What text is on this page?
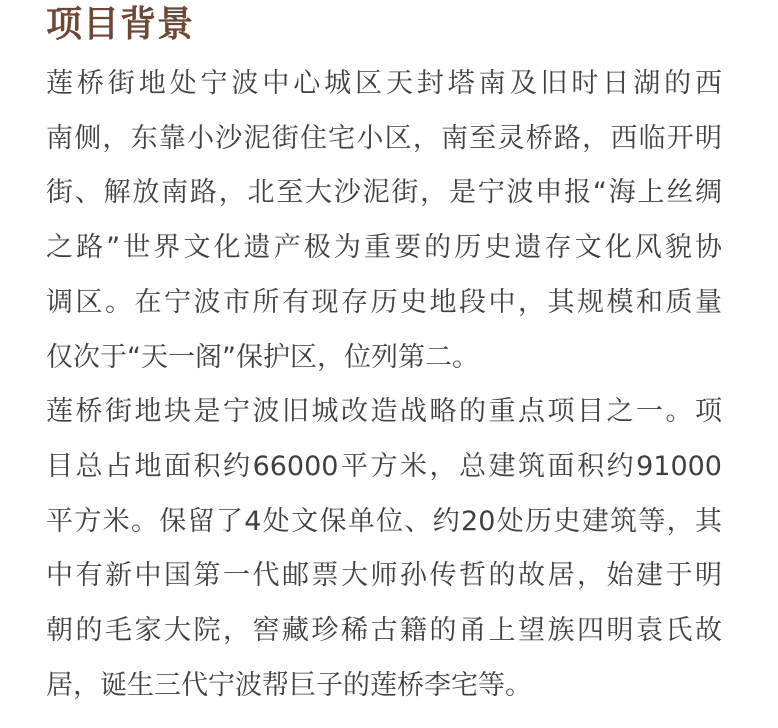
项目背景
莲桥街地处宁波中心城区天封塔南及旧时日湖的西
南侧，东靠小沙泥街住宅小区，南至灵桥路，西临开明
街、解放南路，北至大沙泥街，是宁波申报“海上丝绸
之路”世界文化遗产极为重要的历史遗存文化风貌协
调区。在宁波市所有现存历史地段中，其规模和质量
仅次于“天一阁”保护区，位列第二。
莲桥街地块是宁波旧城改造战略的重点项目之一。项
目总占地面积约66000平方米，总建筑面积约91000
平方米。保留了4处文保单位、约20处历史建筑等，其
中有新中国第一代邮票大师孙传哲的故居，始建于明
朝的毛家大院，窖藏珍稀古籍的甬上望族四明袁氏故
居，诞生三代宁波帮巨子的莲桥李宅等。
